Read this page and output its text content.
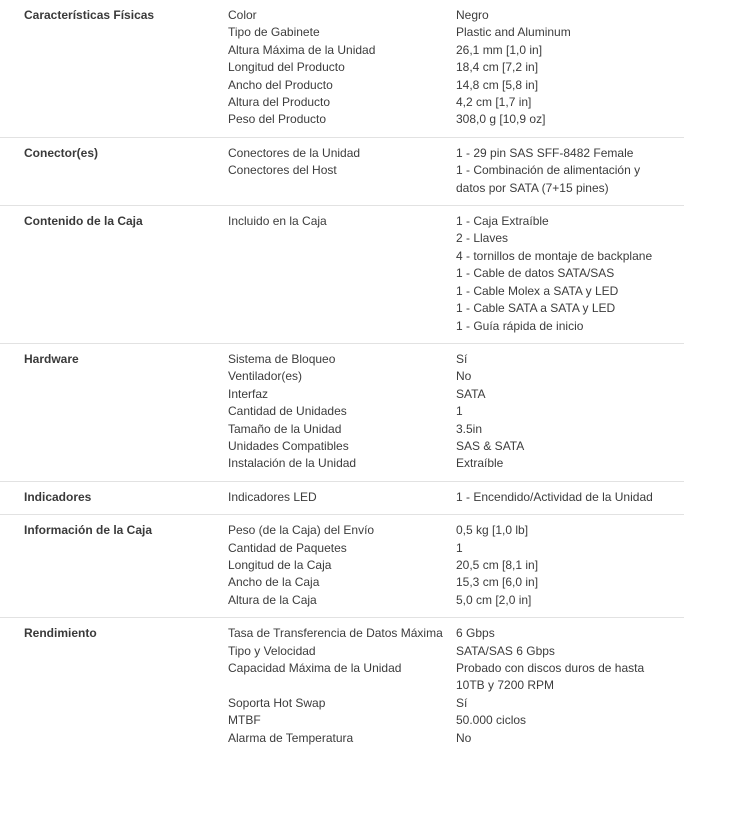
Características Físicas	Color	Negro
Tipo de Gabinete	Plastic and Aluminum
Altura Máxima de la Unidad	26,1 mm [1,0 in]
Longitud del Producto	18,4 cm [7,2 in]
Ancho del Producto	14,8 cm [5,8 in]
Altura del Producto	4,2 cm [1,7 in]
Peso del Producto	308,0 g [10,9 oz]
Conector(es)	Conectores de la Unidad	1 - 29 pin SAS SFF-8482 Female
Conectores del Host	1 - Combinación de alimentación y datos por SATA (7+15 pines)
Contenido de la Caja	Incluido en la Caja	1 - Caja Extraíble
2 - Llaves
4 - tornillos de montaje de backplane
1 - Cable de datos SATA/SAS
1 - Cable Molex a SATA y LED
1 - Cable SATA a SATA y LED
1 - Guía rápida de inicio
Hardware	Sistema de Bloqueo	Sí
Ventilador(es)	No
Interfaz	SATA
Cantidad de Unidades	1
Tamaño de la Unidad	3.5in
Unidades Compatibles	SAS & SATA
Instalación de la Unidad	Extraíble
Indicadores	Indicadores LED	1 - Encendido/Actividad de la Unidad
Información de la Caja	Peso (de la Caja) del Envío	0,5 kg [1,0 lb]
Cantidad de Paquetes	1
Longitud de la Caja	20,5 cm [8,1 in]
Ancho de la Caja	15,3 cm [6,0 in]
Altura de la Caja	5,0 cm [2,0 in]
Rendimiento	Tasa de Transferencia de Datos Máxima	6 Gbps
Tipo y Velocidad	SATA/SAS 6 Gbps
Capacidad Máxima de la Unidad	Probado con discos duros de hasta 10TB y 7200 RPM
Soporta Hot Swap	Sí
MTBF	50.000 ciclos
Alarma de Temperatura	No
